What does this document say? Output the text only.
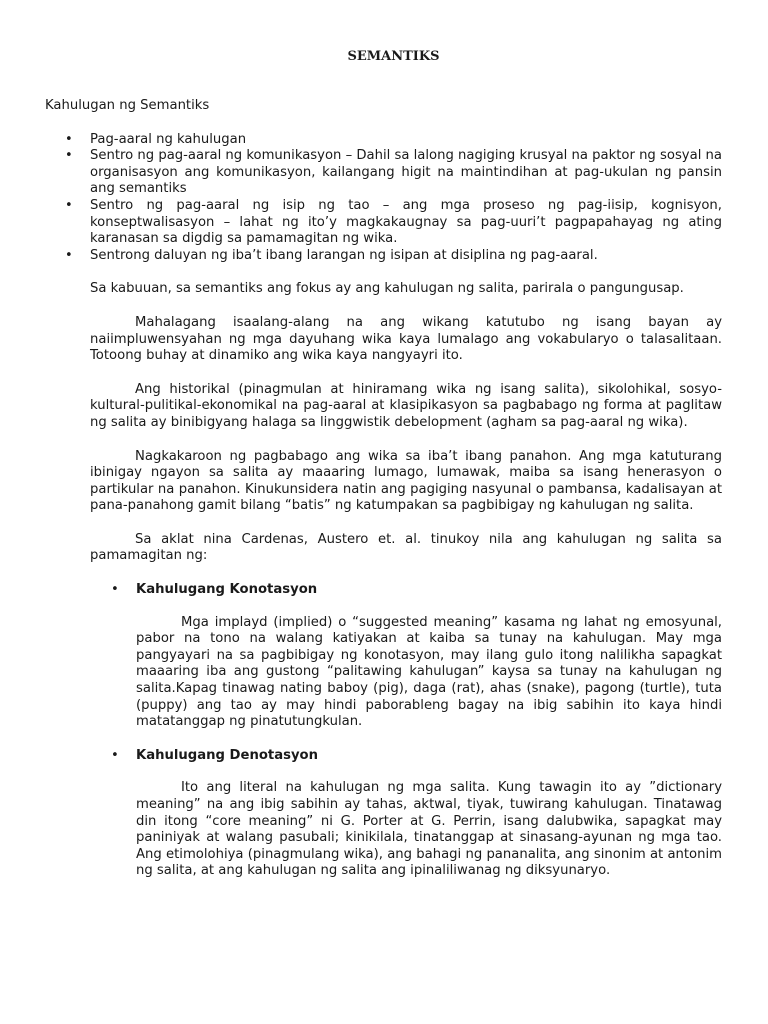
SEMANTIKS
Kahulugan ng Semantiks
• Pag-aaral ng kahulugan
• Sentro ng pag-aaral ng komunikasyon – Dahil sa lalong nagiging krusyal na paktor ng sosyal na organisasyon ang komunikasyon, kailangang higit na maintindihan at pag-ukulan ng pansin ang semantiks
• Sentro ng pag-aaral ng isip ng tao – ang mga proseso ng pag-iisip, kognisyon, konseptwalisasyon – lahat ng ito’y magkakaugnay sa pag-uuri’t pagpapahayag ng ating karanasan sa digdig sa pamamagitan ng wika.
• Sentrong daluyan ng iba’t ibang larangan ng isipan at disiplina ng pag-aaral.

Sa kabuuan, sa semantiks ang fokus ay ang kahulugan ng salita, parirala o pangungusap.

Mahalagang isaalang-alang na ang wikang katutubo ng isang bayan ay naiimpluwensyahan ng mga dayuhang wika kaya lumalago ang vokabularyo o talasalitaan. Totoong buhay at dinamiko ang wika kaya nangyayri ito.

Ang historikal (pinagmulan at hiniramang wika ng isang salita), sikolohikal, sosyo-kultural-pulitikal-ekonomikal na pag-aaral at klasipikasyon sa pagbabago ng forma at paglitaw ng salita ay binibigyang halaga sa linggwistik debelopment (agham sa pag-aaral ng wika).

Nagkakaroon ng pagbabago ang wika sa iba’t ibang panahon. Ang mga katuturang ibinigay ngayon sa salita ay maaaring lumago, lumawak, maiba sa isang henerasyon o partikular na panahon. Kinukunsidera natin ang pagiging nasyunal o pambansa, kadalisayan at pana-panahong gamit bilang “batis” ng katumpakan sa pagbibigay ng kahulugan ng salita.

Sa aklat nina Cardenas, Austero et. al. tinukoy nila ang kahulugan ng salita sa pamamagitan ng:

• Kahulugang Konotasyon

Mga implayd (implied) o “suggested meaning” kasama ng lahat ng emosyunal, pabor na tono na walang katiyakan at kaiba sa tunay na kahulugan. May mga pangyayari na sa pagbibigay ng konotasyon, may ilang gulo itong nalilikha sapagkat maaaring iba ang gustong “palitawing kahulugan” kaysa sa tunay na kahulugan ng salita.Kapag tinawag nating baboy (pig), daga (rat), ahas (snake), pagong (turtle), tuta (puppy) ang tao ay may hindi paborableng bagay na ibig sabihin ito kaya hindi matatanggap ng pinatutungkulan.

• Kahulugang Denotasyon

Ito ang literal na kahulugan ng mga salita. Kung tawagin ito ay ”dictionary meaning” na ang ibig sabihin ay tahas, aktwal, tiyak, tuwirang kahulugan. Tinatawag din itong “core meaning” ni G. Porter at G. Perrin, isang dalubwika, sapagkat may paniniyak at walang pasubali; kinikilala, tinatanggap at sinasang-ayunan ng mga tao. Ang etimolohiya (pinagmulang wika), ang bahagi ng pananalita, ang sinonim at antonim ng salita, at ang kahulugan ng salita ang ipinaliliwanag ng diksyunaryo.
